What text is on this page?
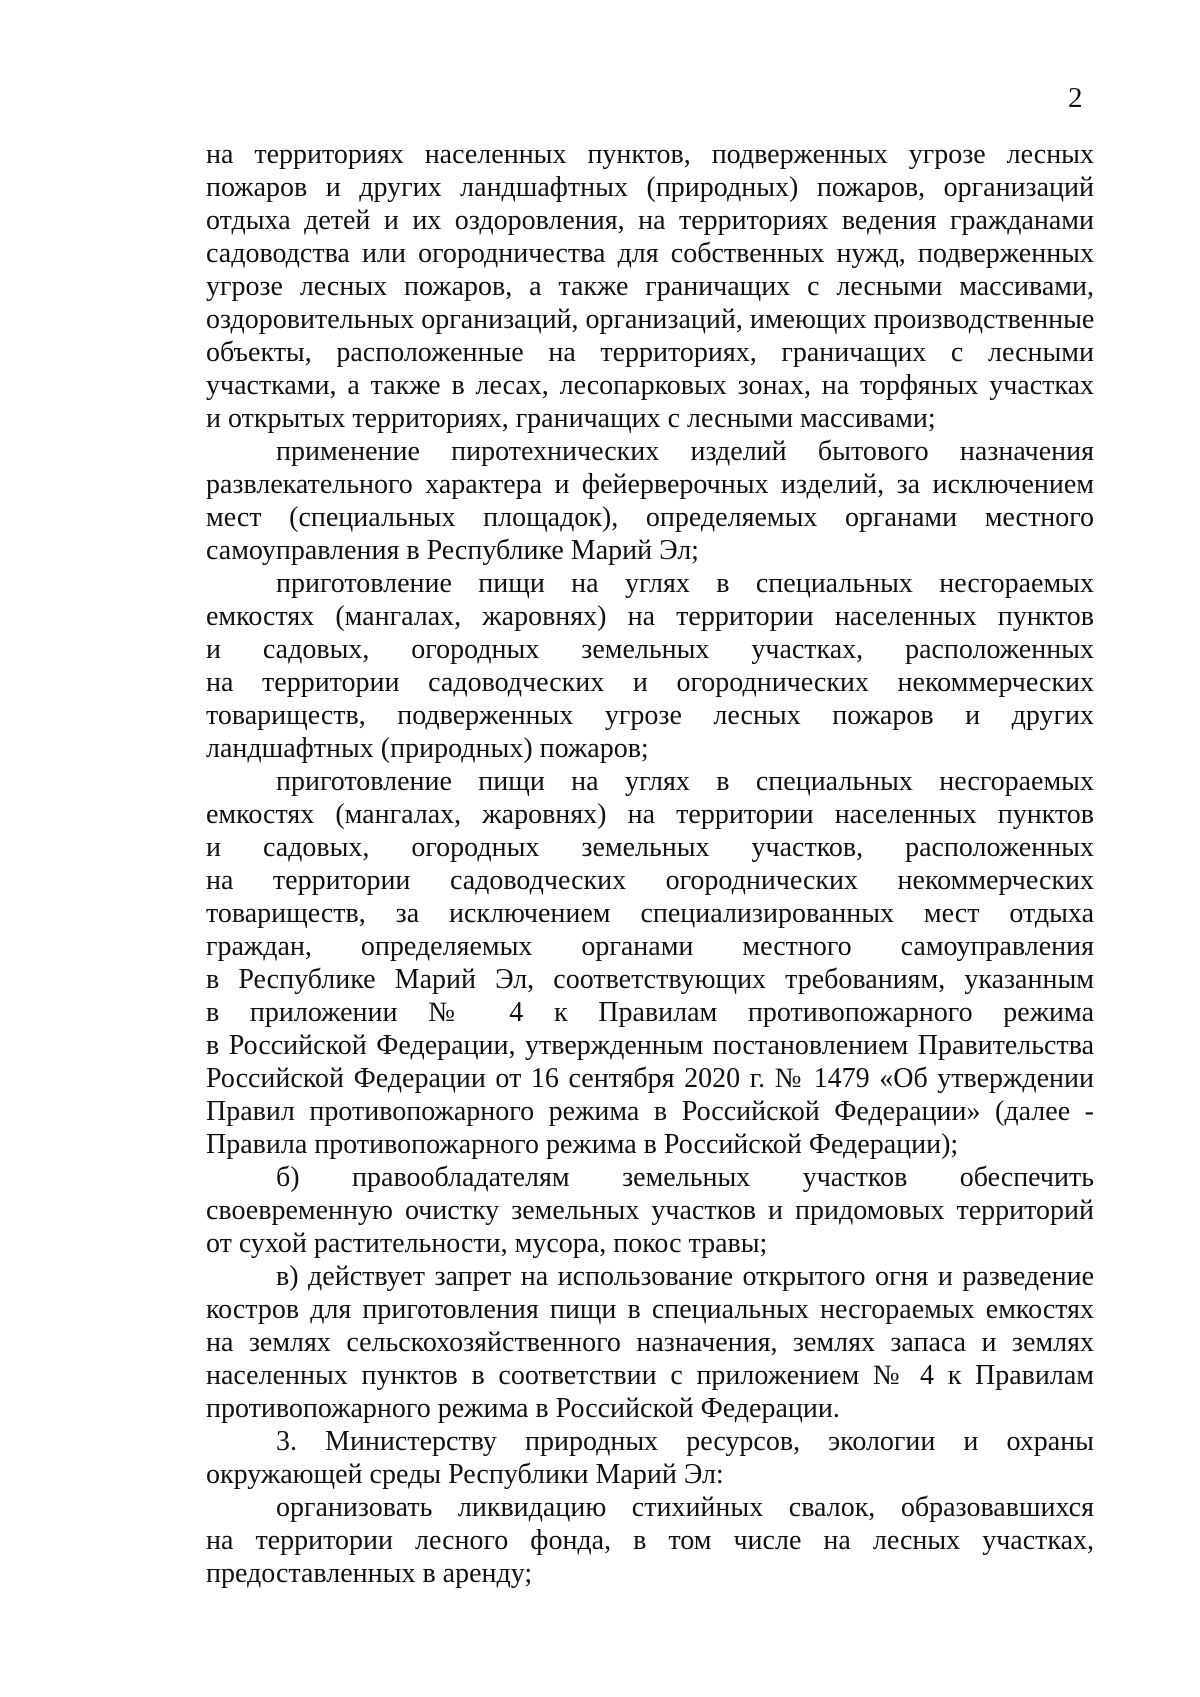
2
на территориях населенных пунктов, подверженных угрозе лесных
пожаров и других ландшафтных (природных) пожаров, организаций
отдыха детей и их оздоровления, на территориях ведения гражданами
садоводства или огородничества для собственных нужд, подверженных
угрозе лесных пожаров, а также граничащих с лесными массивами,
оздоровительных организаций, организаций, имеющих производственные
объекты, расположенные на территориях, граничащих с лесными
участками, а также в лесах, лесопарковых зонах, на торфяных участках
и открытых территориях, граничащих с лесными массивами;
применение пиротехнических изделий бытового назначения
развлекательного характера и фейерверочных изделий, за исключением
мест (специальных площадок), определяемых органами местного
самоуправления в Республике Марий Эл;
приготовление пищи на углях в специальных несгораемых
емкостях (мангалах, жаровнях) на территории населенных пунктов
и садовых, огородных земельных участках, расположенных
на территории садоводческих и огороднических некоммерческих
товариществ, подверженных угрозе лесных пожаров и других
ландшафтных (природных) пожаров;
приготовление пищи на углях в специальных несгораемых
емкостях (мангалах, жаровнях) на территории населенных пунктов
и садовых, огородных земельных участков, расположенных
на территории садоводческих огороднических некоммерческих
товариществ, за исключением специализированных мест отдыха
граждан, определяемых органами местного самоуправления
в Республике Марий Эл, соответствующих требованиям, указанным
в приложении № 4 к Правилам противопожарного режима
в Российской Федерации, утвержденным постановлением Правительства
Российской Федерации от 16 сентября 2020 г. № 1479 «Об утверждении
Правил противопожарного режима в Российской Федерации» (далее -
Правила противопожарного режима в Российской Федерации);
б) правообладателям земельных участков обеспечить
своевременную очистку земельных участков и придомовых территорий
от сухой растительности, мусора, покос травы;
в) действует запрет на использование открытого огня и разведение
костров для приготовления пищи в специальных несгораемых емкостях
на землях сельскохозяйственного назначения, землях запаса и землях
населенных пунктов в соответствии с приложением № 4 к Правилам
противопожарного режима в Российской Федерации.
3. Министерству природных ресурсов, экологии и охраны
окружающей среды Республики Марий Эл:
организовать ликвидацию стихийных свалок, образовавшихся
на территории лесного фонда, в том числе на лесных участках,
предоставленных в аренду;
